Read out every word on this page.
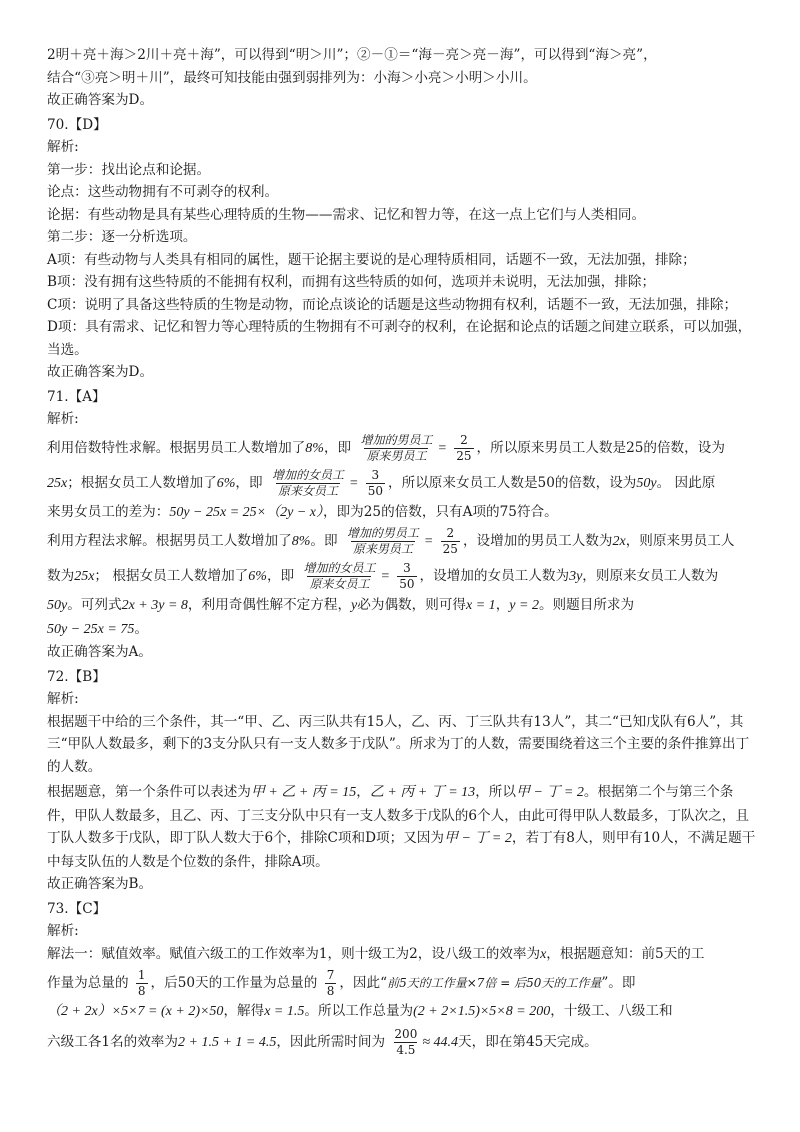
2明＋亮＋海＞2川＋亮＋海”，可以得到“明＞川”；②－①＝“海－亮＞亮－海”，可以得到“海＞亮”，
结合“③亮＞明＋川”，最终可知技能由强到弱排列为：小海＞小亮＞小明＞小川。
故正确答案为D。
70.【D】
解析:
第一步：找出论点和论据。
论点：这些动物拥有不可剥夺的权利。
论据：有些动物是具有某些心理特质的生物——需求、记忆和智力等，在这一点上它们与人类相同。
第二步：逐一分析选项。
A项：有些动物与人类具有相同的属性，题干论据主要说的是心理特质相同，话题不一致，无法加强，排除；
B项：没有拥有这些特质的不能拥有权利，而拥有这些特质的如何，选项并未说明，无法加强，排除；
C项：说明了具备这些特质的生物是动物，而论点谈论的话题是这些动物拥有权利，话题不一致，无法加强，排除；
D项：具有需求、记忆和智力等心理特质的生物拥有不可剥夺的权利，在论据和论点的话题之间建立联系，可以加强，当选。
故正确答案为D。
71.【A】
解析:
利用倍数特性求解。根据男员工人数增加了8%，即 $\frac{\text{增加的男员工}}{\text{原来男员工}} = \frac{2}{25}$ ，所以原来男员工人数是25的倍数，设为
25x；根据女员工人数增加了6%，即 $\frac{\text{增加的女员工}}{\text{原来女员工}} = \frac{3}{50}$ ，所以原来女员工人数是50的倍数，设为50y。 因此原
来男女员工的差为：50y − 25x = 25×（2y − x），即为25的倍数，只有A项的75符合。
利用方程法求解。根据男员工人数增加了8%。即 $\frac{\text{增加的男员工}}{\text{原来男员工}} = \frac{2}{25}$ ，设增加的男员工人数为2x，则原来男员工人
数为25x； 根据女员工人数增加了6%，即 $\frac{\text{增加的女员工}}{\text{原来女员工}} = \frac{3}{50}$ ，设增加的女员工人数为3y，则原来女员工人数为
50y。可列式2x + 3y = 8，利用奇偶性解不定方程，y必为偶数，则可得x = 1，y = 2。则题目所求为
50y − 25x = 75。
故正确答案为A。
72.【B】
解析:
根据题干中给的三个条件，其一“甲、乙、丙三队共有15人，乙、丙、丁三队共有13人”，其二“已知戊队有6人”，其三“甲队人数最多，剩下的3支分队只有一支人数多于戊队”。所求为丁的人数，需要围绕着这三个主要的条件推算出丁的人数。
根据题意，第一个条件可以表述为甲 + 乙 + 丙 = 15，乙 + 丙 + 丁 = 13，所以甲 − 丁 = 2。根据第二个与第三个条件，甲队人数最多，且乙、丙、丁三支分队中只有一支人数多于戊队的6个人，由此可得甲队人数最多，丁队次之，且丁队人数多于戊队，即丁队人数大于6个，排除C项和D项；又因为甲 − 丁 = 2，若丁有8人，则甲有10人，不满足题干中每支队伍的人数是个位数的条件，排除A项。
故正确答案为B。
73.【C】
解析:
解法一：赋值效率。赋值六级工的工作效率为1，则十级工为2，设八级工的效率为x，根据题意知：前5天的工
作量为总量的 $\frac{1}{8}$ ，后50天的工作量为总量的 $\frac{7}{8}$ ，因此“前5天的工作量×7倍 = 后50天的工作量”。即
（2 + 2x）×5×7 = (x + 2)×50，解得x = 1.5。所以工作总量为(2 + 2×1.5)×5×8 = 200，十级工、八级工和
六级工各1名的效率为2 + 1.5 + 1 = 4.5，因此所需时间为 $\frac{200}{4.5} \approx 44.4$天，即在第45天完成。
